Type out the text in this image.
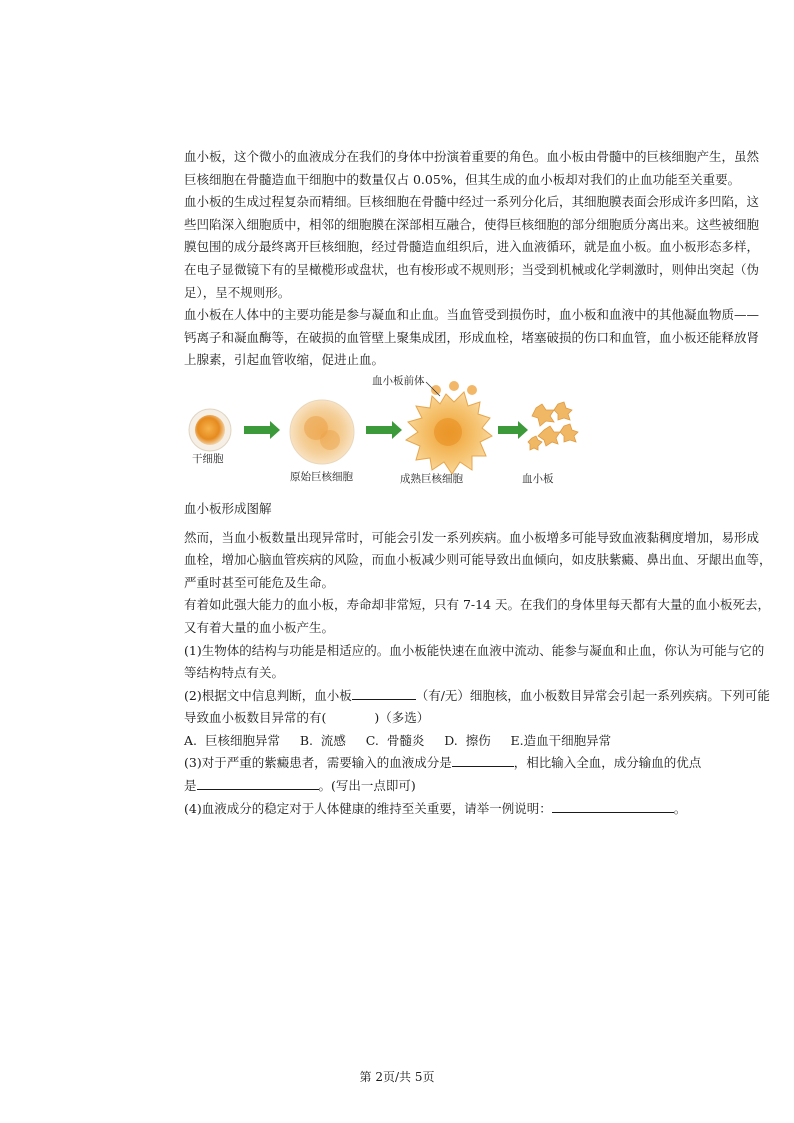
血小板，这个微小的血液成分在我们的身体中扮演着重要的角色。血小板由骨髓中的巨核细胞产生，虽然

巨核细胞在骨髓造血干细胞中的数量仅占 0.05%，但其生成的血小板却对我们的止血功能至关重要。

血小板的生成过程复杂而精细。巨核细胞在骨髓中经过一系列分化后，其细胞膜表面会形成许多凹陷，这

些凹陷深入细胞质中，相邻的细胞膜在深部相互融合，使得巨核细胞的部分细胞质分离出来。这些被细胞

膜包围的成分最终离开巨核细胞，经过骨髓造血组织后，进入血液循环，就是血小板。血小板形态多样，

在电子显微镜下有的呈橄榄形或盘状，也有梭形或不规则形；当受到机械或化学刺激时，则伸出突起（伪

足），呈不规则形。

血小板在人体中的主要功能是参与凝血和止血。当血管受到损伤时，血小板和血液中的其他凝血物质——

钙离子和凝血酶等，在破损的血管壁上聚集成团，形成血栓，堵塞破损的伤口和血管，血小板还能释放肾

上腺素，引起血管收缩，促进止血。

血小板前体
干细胞
原始巨核细胞	成熟巨核细胞	血小板

血小板形成图解

然而，当血小板数量出现异常时，可能会引发一系列疾病。血小板增多可能导致血液黏稠度增加，易形成

血栓，增加心脑血管疾病的风险，而血小板减少则可能导致出血倾向，如皮肤紫癜、鼻出血、牙龈出血等，

严重时甚至可能危及生命。

有着如此强大能力的血小板，寿命却非常短，只有 7-14 天。在我们的身体里每天都有大量的血小板死去，

又有着大量的血小板产生。

(1)生物体的结构与功能是相适应的。血小板能快速在血液中流动、能参与凝血和止血，你认为可能与它的

等结构特点有关。

(2)根据文中信息判断，血小板	（有/无）细胞核，血小板数目异常会引起一系列疾病。下列可能

导致血小板数目异常的有(	)（多选）

A.  巨核细胞异常     B.  流感     C.  骨髓炎     D.  擦伤     E.造血干细胞异常

(3)对于严重的紫癜患者，需要输入的血液成分是	，相比输入全血，成分输血的优点

是	。(写出一点即可)

(4)血液成分的稳定对于人体健康的维持至关重要，请举一例说明：	。

第 2页/共 5页
